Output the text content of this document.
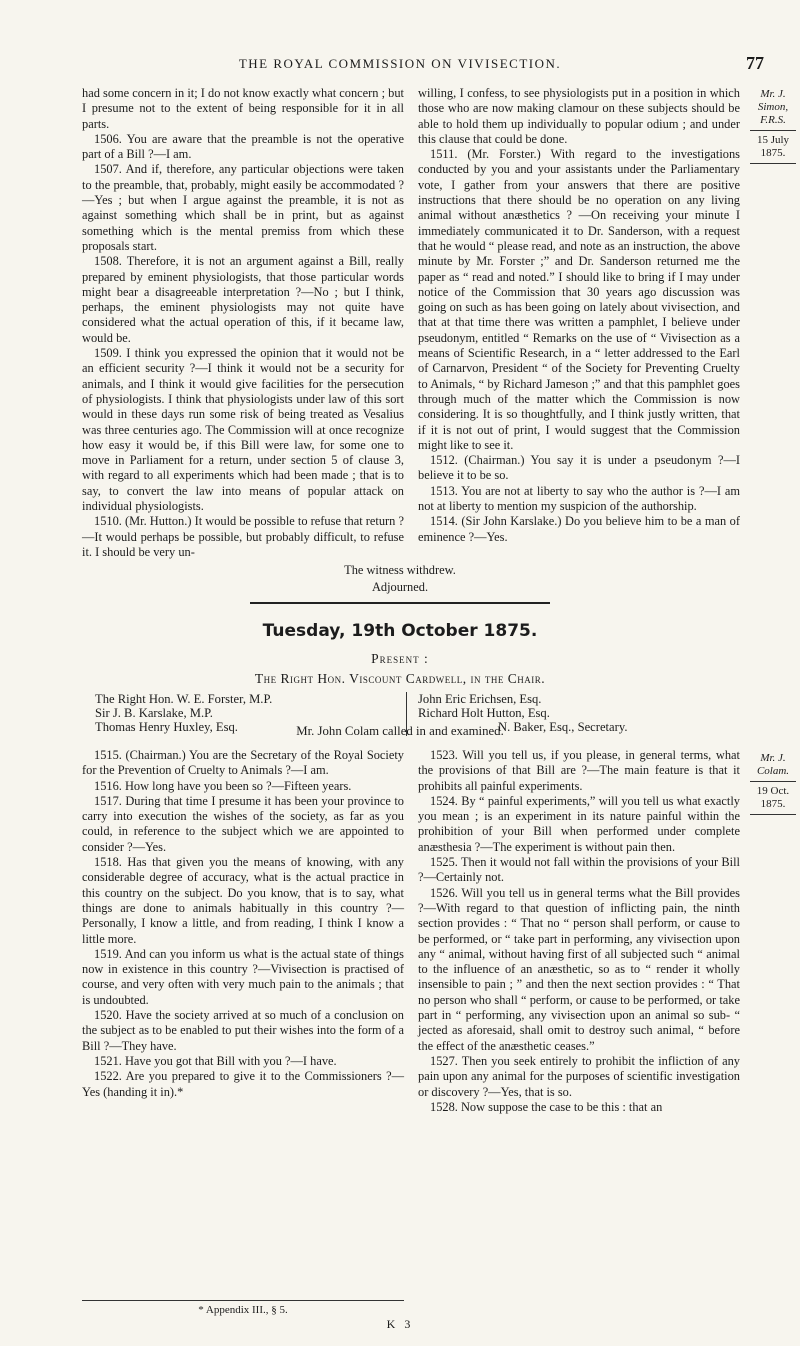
THE ROYAL COMMISSION ON VIVISECTION.	77

had some concern in it; I do not know exactly what concern ; but I presume not to the extent of being responsible for it in all parts.

1506. You are aware that the preamble is not the operative part of a Bill ?—I am.

1507. And if, therefore, any particular objections were taken to the preamble, that, probably, might easily be accommodated ?—Yes ; but when I argue against the preamble, it is not as against something which shall be in print, but as against something which is the mental premiss from which these proposals start.

1508. Therefore, it is not an argument against a Bill, really prepared by eminent physiologists, that those particular words might bear a disagreeable interpretation ?—No ; but I think, perhaps, the eminent physiologists may not quite have considered what the actual operation of this, if it became law, would be.

1509. I think you expressed the opinion that it would not be an efficient security ?—I think it would not be a security for animals, and I think it would give facilities for the persecution of physiologists. I think that physiologists under law of this sort would in these days run some risk of being treated as Vesalius was three centuries ago. The Commission will at once recognize how easy it would be, if this Bill were law, for some one to move in Parliament for a return, under section 5 of clause 3, with regard to all experiments which had been made ; that is to say, to convert the law into means of popular attack on individual physiologists.

1510. (Mr. Hutton.) It would be possible to refuse that return ?—It would perhaps be possible, but probably difficult, to refuse it. I should be very un-

willing, I confess, to see physiologists put in a position in which those who are now making clamour on these subjects should be able to hold them up individually to popular odium ; and under this clause that could be done.

1511. (Mr. Forster.) With regard to the investigations conducted by you and your assistants under the Parliamentary vote, I gather from your answers that there are positive instructions that there should be no operation on any living animal without anæsthetics ? —On receiving your minute I immediately communicated it to Dr. Sanderson, with a request that he would “ please read, and note as an instruction, the above minute by Mr. Forster ;” and Dr. Sanderson returned me the paper as “ read and noted.” I should like to bring if I may under notice of the Commission that 30 years ago discussion was going on such as has been going on lately about vivisection, and that at that time there was written a pamphlet, I believe under pseudonym, entitled “ Remarks on the use of “ Vivisection as a means of Scientific Research, in a “ letter addressed to the Earl of Carnarvon, President “ of the Society for Preventing Cruelty to Animals, “ by Richard Jameson ;” and that this pamphlet goes through much of the matter which the Commission is now considering. It is so thoughtfully, and I think justly written, that if it is not out of print, I would suggest that the Commission might like to see it.

1512. (Chairman.) You say it is under a pseudonym ?—I believe it to be so.

1513. You are not at liberty to say who the author is ?—I am not at liberty to mention my suspicion of the authorship.

1514. (Sir John Karslake.) Do you believe him to be a man of eminence ?—Yes.

Mr. J. Simon,
F.R.S.
15 July 1875.
The witness withdrew.
Adjourned.
Tuesday, 19th October 1875.
Present :
The Right Hon. Viscount Cardwell, in the Chair.
The Right Hon. W. E. Forster, M.P.
Sir J. B. Karslake, M.P.
Thomas Henry Huxley, Esq.
John Eric Erichsen, Esq.
Richard Holt Hutton, Esq.
N. Baker, Esq., Secretary.
Mr. John Colam called in and examined.

1515. (Chairman.) You are the Secretary of the Royal Society for the Prevention of Cruelty to Animals ?—I am.

1516. How long have you been so ?—Fifteen years.

1517. During that time I presume it has been your province to carry into execution the wishes of the society, as far as you could, in reference to the subject which we are appointed to consider ?—Yes.

1518. Has that given you the means of knowing, with any considerable degree of accuracy, what is the actual practice in this country on the subject. Do you know, that is to say, what things are done to animals habitually in this country ?—Personally, I know a little, and from reading, I think I know a little more.

1519. And can you inform us what is the actual state of things now in existence in this country ?—Vivisection is practised of course, and very often with very much pain to the animals ; that is undoubted.

1520. Have the society arrived at so much of a conclusion on the subject as to be enabled to put their wishes into the form of a Bill ?—They have.

1521. Have you got that Bill with you ?—I have.

1522. Are you prepared to give it to the Commissioners ?—Yes (handing it in).*

1523. Will you tell us, if you please, in general terms, what the provisions of that Bill are ?—The main feature is that it prohibits all painful experiments.

1524. By “ painful experiments,” will you tell us what exactly you mean ; is an experiment in its nature painful within the prohibition of your Bill when performed under complete anæsthesia ?—The experiment is without pain then.

1525. Then it would not fall within the provisions of your Bill ?—Certainly not.

1526. Will you tell us in general terms what the Bill provides ?—With regard to that question of inflicting pain, the ninth section provides : “ That no “ person shall perform, or cause to be performed, or “ take part in performing, any vivisection upon any “ animal, without having first of all subjected such “ animal to the influence of an anæsthetic, so as to “ render it wholly insensible to pain ; ” and then the next section provides : “ That no person who shall “ perform, or cause to be performed, or take part in “ performing, any vivisection upon an animal so sub- “ jected as aforesaid, shall omit to destroy such animal, “ before the effect of the anæsthetic ceases.”

1527. Then you seek entirely to prohibit the infliction of any pain upon any animal for the purposes of scientific investigation or discovery ?—Yes, that is so.

1528. Now suppose the case to be this : that an

Mr. J. Colam.
19 Oct. 1875.
* Appendix III., § 5.
K 3
